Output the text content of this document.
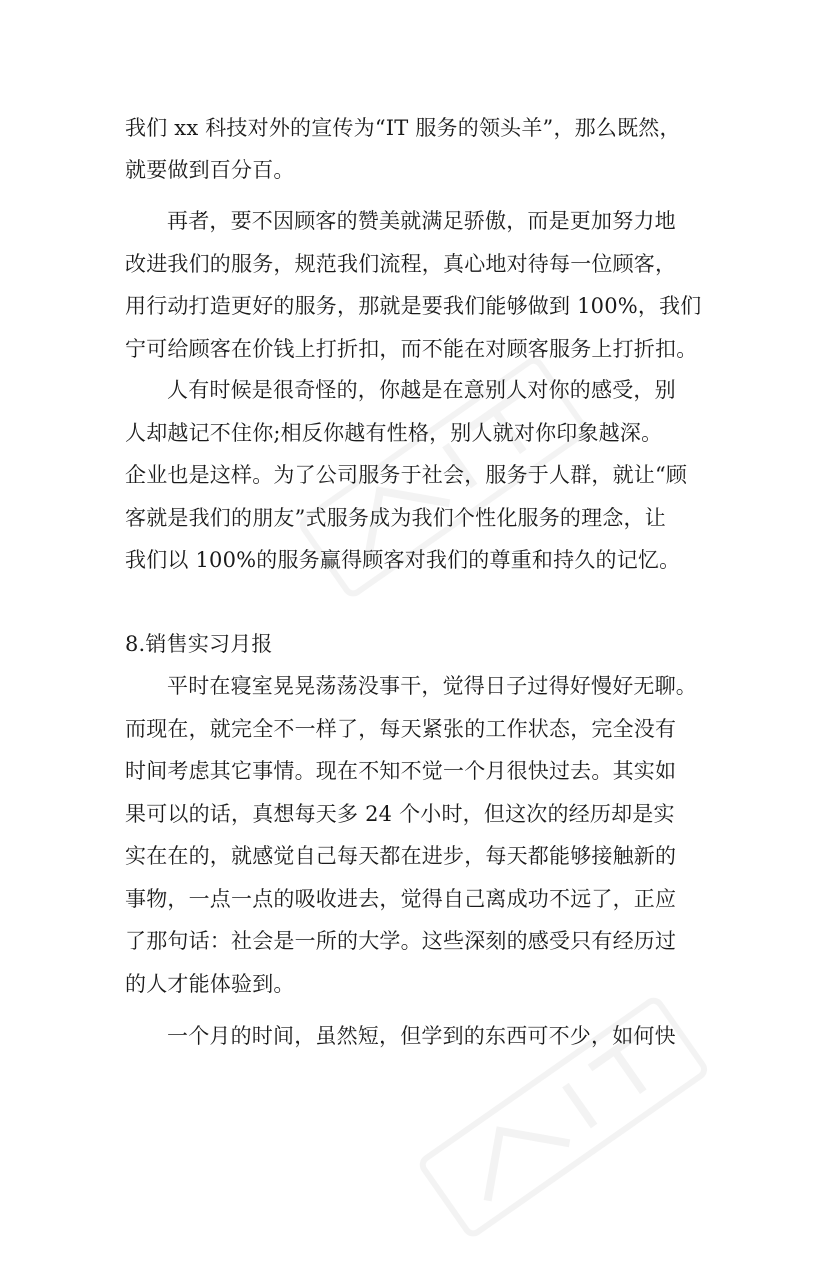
我们 xx 科技对外的宣传为“IT 服务的领头羊”，那么既然，
就要做到百分百。
再者，要不因顾客的赞美就满足骄傲，而是更加努力地
改进我们的服务，规范我们流程，真心地对待每一位顾客，
用行动打造更好的服务，那就是要我们能够做到 100%，我们
宁可给顾客在价钱上打折扣，而不能在对顾客服务上打折扣。
人有时候是很奇怪的，你越是在意别人对你的感受，别
人却越记不住你;相反你越有性格，别人就对你印象越深。
企业也是这样。为了公司服务于社会，服务于人群，就让“顾
客就是我们的朋友”式服务成为我们个性化服务的理念，让
我们以 100%的服务赢得顾客对我们的尊重和持久的记忆。
8.销售实习月报
平时在寝室晃晃荡荡没事干，觉得日子过得好慢好无聊。
而现在，就完全不一样了，每天紧张的工作状态，完全没有
时间考虑其它事情。现在不知不觉一个月很快过去。其实如
果可以的话，真想每天多 24 个小时，但这次的经历却是实
实在在的，就感觉自己每天都在进步，每天都能够接触新的
事物，一点一点的吸收进去，觉得自己离成功不远了，正应
了那句话：社会是一所的大学。这些深刻的感受只有经历过
的人才能体验到。
一个月的时间，虽然短，但学到的东西可不少，如何快
